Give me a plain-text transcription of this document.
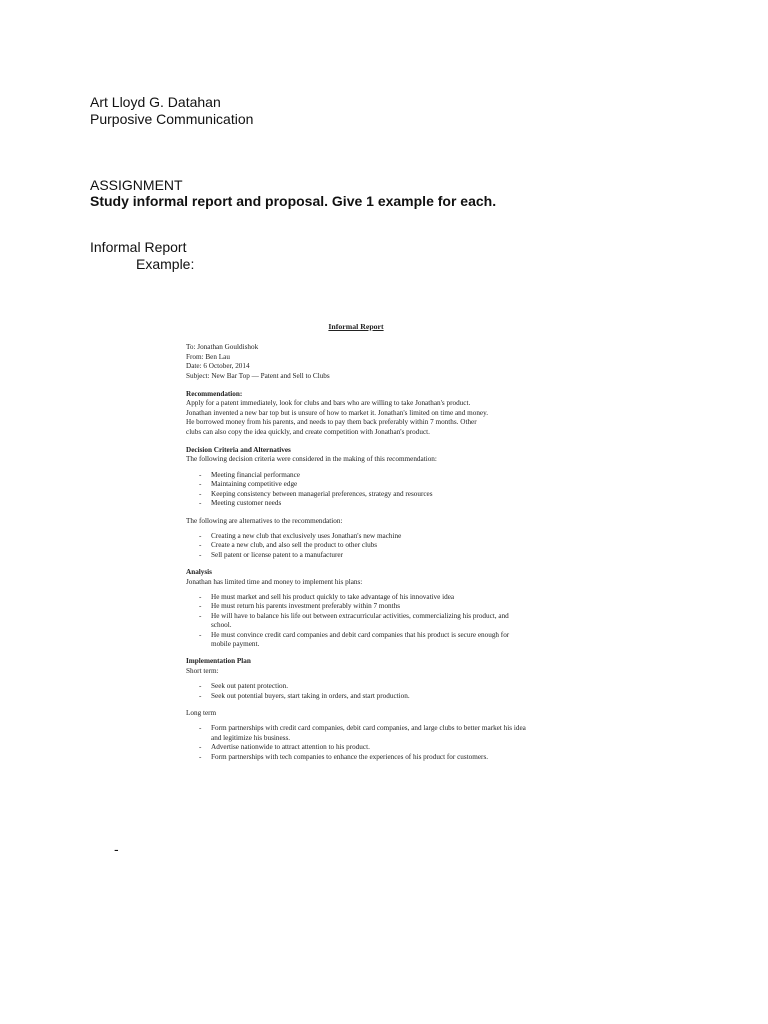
Art Lloyd G. Datahan
Purposive Communication
ASSIGNMENT
Study informal report and proposal. Give 1 example for each.
Informal Report
Example:
Informal Report

To: Jonathan Gouldishok

From: Ben Lau

Date: 6 October, 2014

Subject: New Bar Top — Patent and Sell to Clubs

Recommendation:

Apply for a patent immediately, look for clubs and bars who are willing to take Jonathan's product.

Jonathan invented a new bar top but is unsure of how to market it. Jonathan's limited on time and money.

He borrowed money from his parents, and needs to pay them back preferably within 7 months. Other

clubs can also copy the idea quickly, and create competition with Jonathan's product.

Decision Criteria and Alternatives

The following decision criteria were considered in the making of this recommendation:

- Meeting financial performance
- Maintaining competitive edge
- Keeping consistency between managerial preferences, strategy and resources
- Meeting customer needs

The following are alternatives to the recommendation:

- Creating a new club that exclusively uses Jonathan's new machine
- Create a new club, and also sell the product to other clubs
- Sell patent or license patent to a manufacturer

Analysis

Jonathan has limited time and money to implement his plans:

- He must market and sell his product quickly to take advantage of his innovative idea
- He must return his parents investment preferably within 7 months
- He will have to balance his life out between extracurricular activities, commercializing his product, and school.
- He must convince credit card companies and debit card companies that his product is secure enough for mobile payment.

Implementation Plan

Short term:

- Seek out patent protection.
- Seek out potential buyers, start taking in orders, and start production.

Long term

- Form partnerships with credit card companies, debit card companies, and large clubs to better market his idea and legitimize his business.
- Advertise nationwide to attract attention to his product.
- Form partnerships with tech companies to enhance the experiences of his product for customers.
-
